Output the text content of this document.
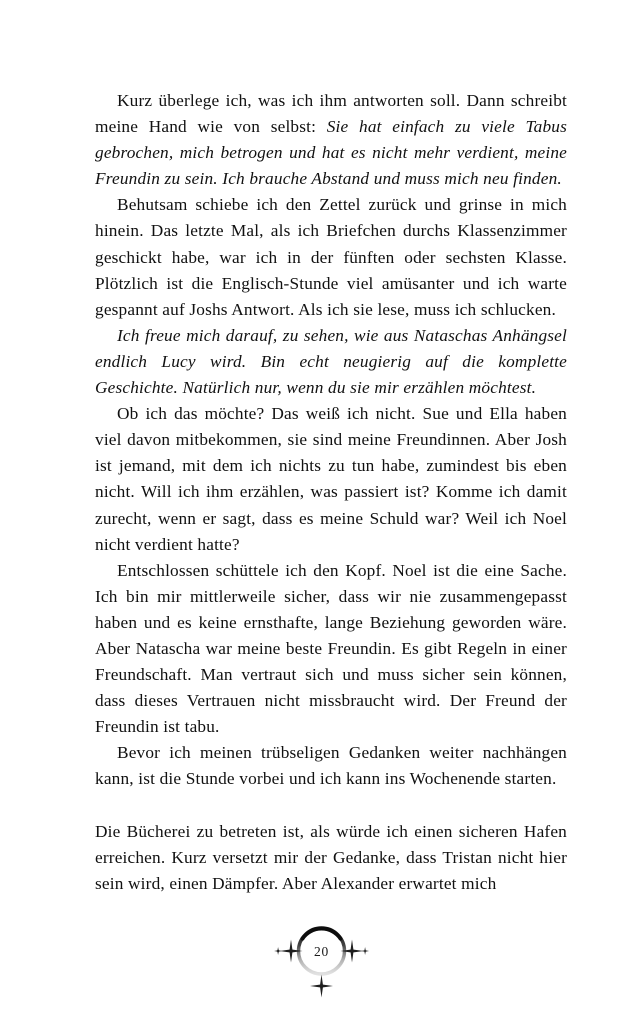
Kurz überlege ich, was ich ihm antworten soll. Dann schreibt meine Hand wie von selbst: Sie hat einfach zu viele Tabus gebrochen, mich betrogen und hat es nicht mehr verdient, meine Freundin zu sein. Ich brauche Abstand und muss mich neu finden.

Behutsam schiebe ich den Zettel zurück und grinse in mich hinein. Das letzte Mal, als ich Briefchen durchs Klassenzimmer geschickt habe, war ich in der fünften oder sechsten Klasse. Plötzlich ist die Englisch-Stunde viel amüsanter und ich warte gespannt auf Joshs Antwort. Als ich sie lese, muss ich schlucken.

Ich freue mich darauf, zu sehen, wie aus Nataschas Anhängsel endlich Lucy wird. Bin echt neugierig auf die komplette Geschichte. Natürlich nur, wenn du sie mir erzählen möchtest.

Ob ich das möchte? Das weiß ich nicht. Sue und Ella haben viel davon mitbekommen, sie sind meine Freundinnen. Aber Josh ist jemand, mit dem ich nichts zu tun habe, zumindest bis eben nicht. Will ich ihm erzählen, was passiert ist? Komme ich damit zurecht, wenn er sagt, dass es meine Schuld war? Weil ich Noel nicht verdient hatte?

Entschlossen schüttele ich den Kopf. Noel ist die eine Sache. Ich bin mir mittlerweile sicher, dass wir nie zusammengepasst haben und es keine ernsthafte, lange Beziehung geworden wäre. Aber Natascha war meine beste Freundin. Es gibt Regeln in einer Freundschaft. Man vertraut sich und muss sicher sein können, dass dieses Vertrauen nicht missbraucht wird. Der Freund der Freundin ist tabu.

Bevor ich meinen trübseligen Gedanken weiter nachhängen kann, ist die Stunde vorbei und ich kann ins Wochenende starten.

Die Bücherei zu betreten ist, als würde ich einen sicheren Hafen erreichen. Kurz versetzt mir der Gedanke, dass Tristan nicht hier sein wird, einen Dämpfer. Aber Alexander erwartet mich

20
